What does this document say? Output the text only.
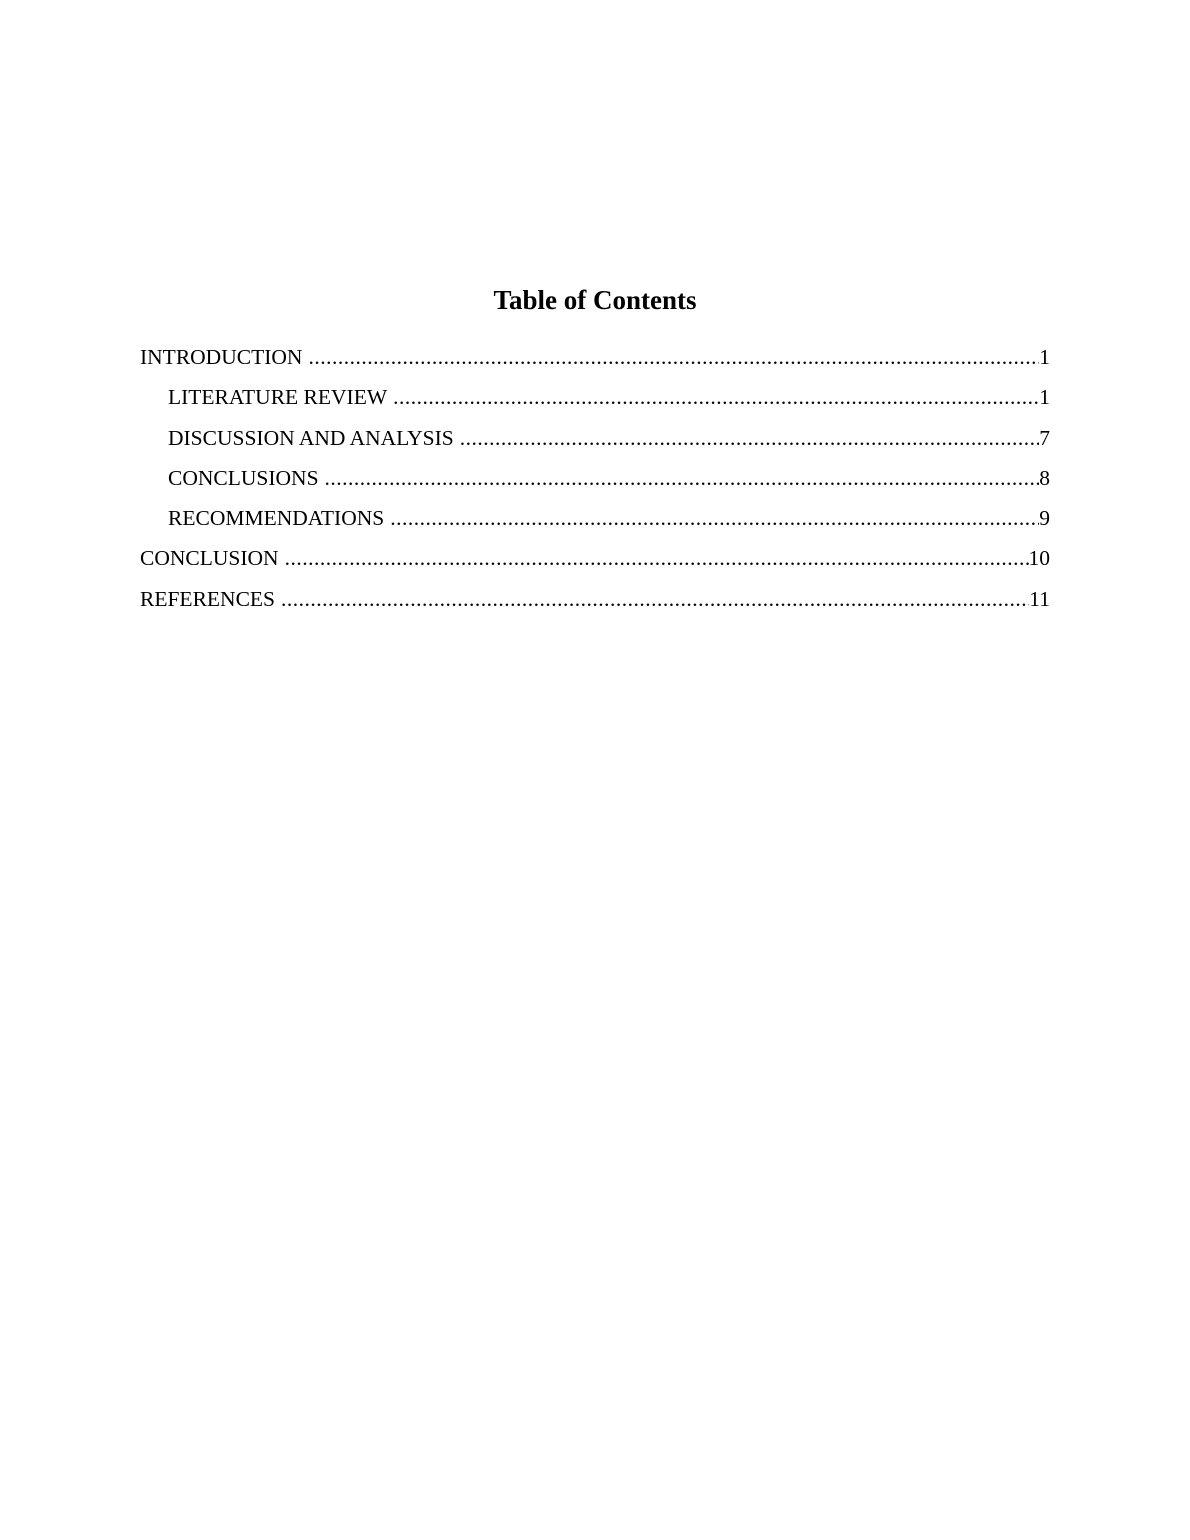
Table of Contents
INTRODUCTION .....	1
LITERATURE REVIEW .....	1
DISCUSSION AND ANALYSIS .....	7
CONCLUSIONS .....	8
RECOMMENDATIONS .....	9
CONCLUSION .....	10
REFERENCES .....	11
